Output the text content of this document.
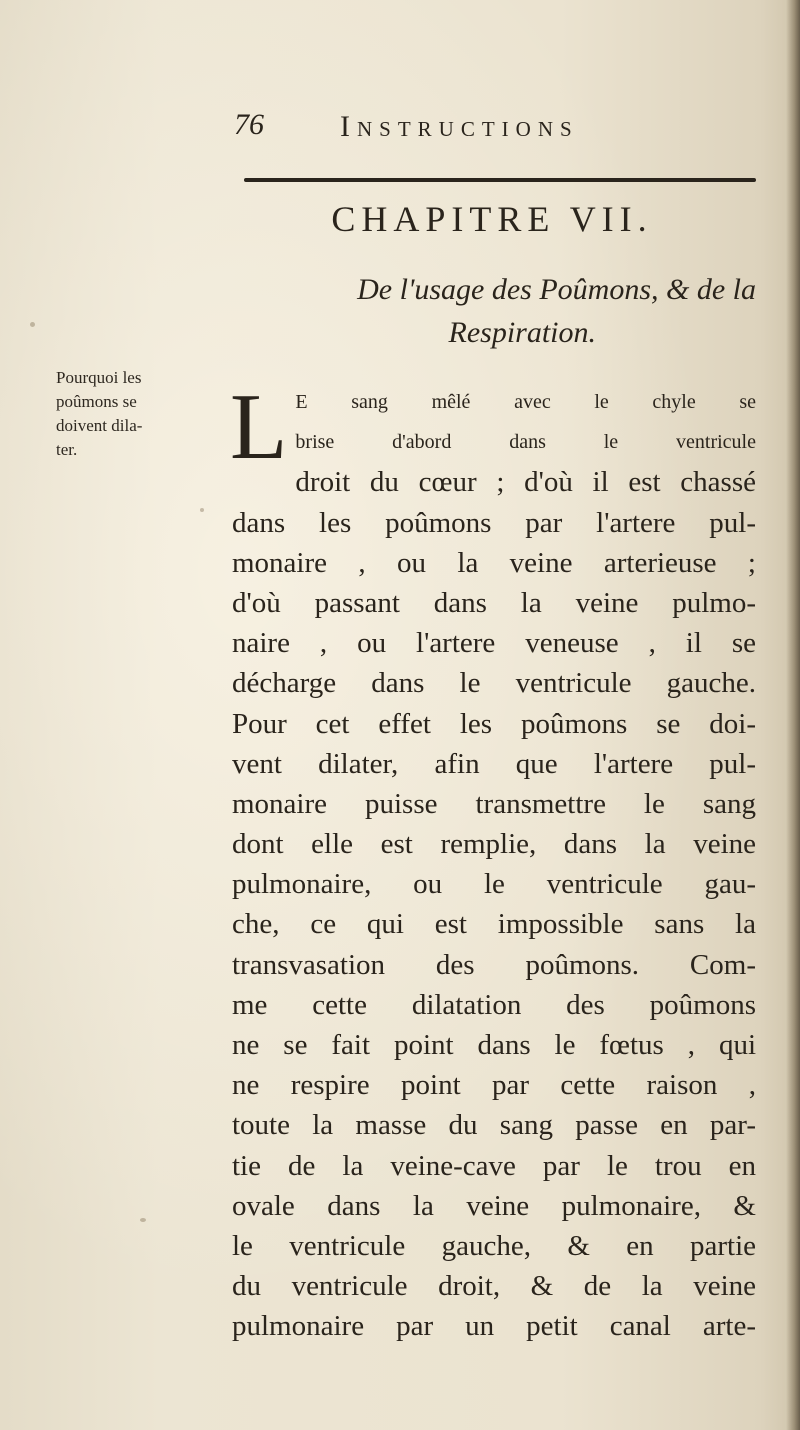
76	Instructions
CHAPITRE VII.
De l'usage des Poûmons, & de la
Respiration.
Pourquoi les
poûmons se
doivent dila-
ter.	L E sang mêlé avec le chyle se
brise d'abord dans le ventricule
droit du cœur ; d'où il est chassé
dans les poûmons par l'artere pul-
monaire , ou la veine arterieuse ;
d'où passant dans la veine pulmo-
naire , ou l'artere veneuse , il se
décharge dans le ventricule gauche.
Pour cet effet les poûmons se doi-
vent dilater, afin que l'artere pul-
monaire puisse transmettre le sang
dont elle est remplie, dans la veine
pulmonaire, ou le ventricule gau-
che, ce qui est impossible sans la
transvasation des poûmons. Com-
me cette dilatation des poûmons
ne se fait point dans le fœtus , qui
ne respire point par cette raison ,
toute la masse du sang passe en par-
tie de la veine-cave par le trou en
ovale dans la veine pulmonaire, &
le ventricule gauche, & en partie
du ventricule droit, & de la veine
pulmonaire par un petit canal arte-
